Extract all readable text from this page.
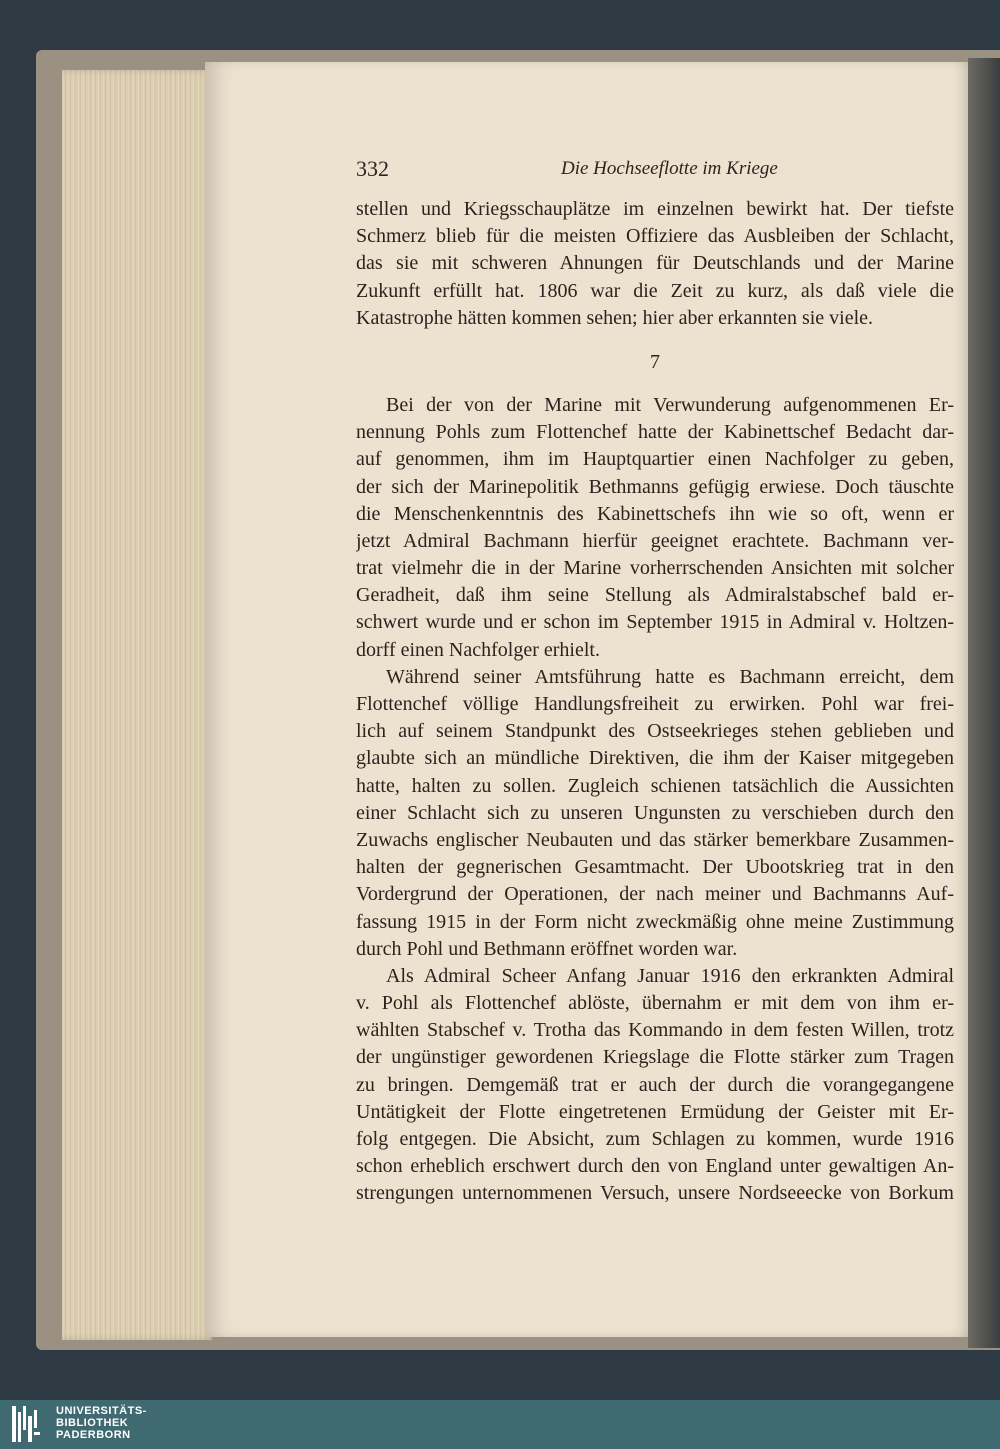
332	Die Hochseeflotte im Kriege
stellen und Kriegsschauplätze im einzelnen bewirkt hat. Der tiefste
Schmerz blieb für die meisten Offiziere das Ausbleiben der Schlacht,
das sie mit schweren Ahnungen für Deutschlands und der Marine
Zukunft erfüllt hat. 1806 war die Zeit zu kurz, als daß viele die
Katastrophe hätten kommen sehen; hier aber erkannten sie viele.
7
Bei der von der Marine mit Verwunderung aufgenommenen Er-
nennung Pohls zum Flottenchef hatte der Kabinettschef Bedacht dar-
auf genommen, ihm im Hauptquartier einen Nachfolger zu geben,
der sich der Marinepolitik Bethmanns gefügig erwiese. Doch täuschte
die Menschenkenntnis des Kabinettschefs ihn wie so oft, wenn er
jetzt Admiral Bachmann hierfür geeignet erachtete. Bachmann ver-
trat vielmehr die in der Marine vorherrschenden Ansichten mit solcher
Geradheit, daß ihm seine Stellung als Admiralstabschef bald er-
schwert wurde und er schon im September 1915 in Admiral v. Holtzen-
dorff einen Nachfolger erhielt.
Während seiner Amtsführung hatte es Bachmann erreicht, dem
Flottenchef völlige Handlungsfreiheit zu erwirken. Pohl war frei-
lich auf seinem Standpunkt des Ostseekrieges stehen geblieben und
glaubte sich an mündliche Direktiven, die ihm der Kaiser mitgegeben
hatte, halten zu sollen. Zugleich schienen tatsächlich die Aussichten
einer Schlacht sich zu unseren Ungunsten zu verschieben durch den
Zuwachs englischer Neubauten und das stärker bemerkbare Zusammen-
halten der gegnerischen Gesamtmacht. Der Ubootskrieg trat in den
Vordergrund der Operationen, der nach meiner und Bachmanns Auf-
fassung 1915 in der Form nicht zweckmäßig ohne meine Zustimmung
durch Pohl und Bethmann eröffnet worden war.
Als Admiral Scheer Anfang Januar 1916 den erkrankten Admiral
v. Pohl als Flottenchef ablöste, übernahm er mit dem von ihm er-
wählten Stabschef v. Trotha das Kommando in dem festen Willen, trotz
der ungünstiger gewordenen Kriegslage die Flotte stärker zum Tragen
zu bringen. Demgemäß trat er auch der durch die vorangegangene
Untätigkeit der Flotte eingetretenen Ermüdung der Geister mit Er-
folg entgegen. Die Absicht, zum Schlagen zu kommen, wurde 1916
schon erheblich erschwert durch den von England unter gewaltigen An-
strengungen unternommenen Versuch, unsere Nordseeecke von Borkum
UNIVERSITÄTS-
BIBLIOTHEK
PADERBORN
